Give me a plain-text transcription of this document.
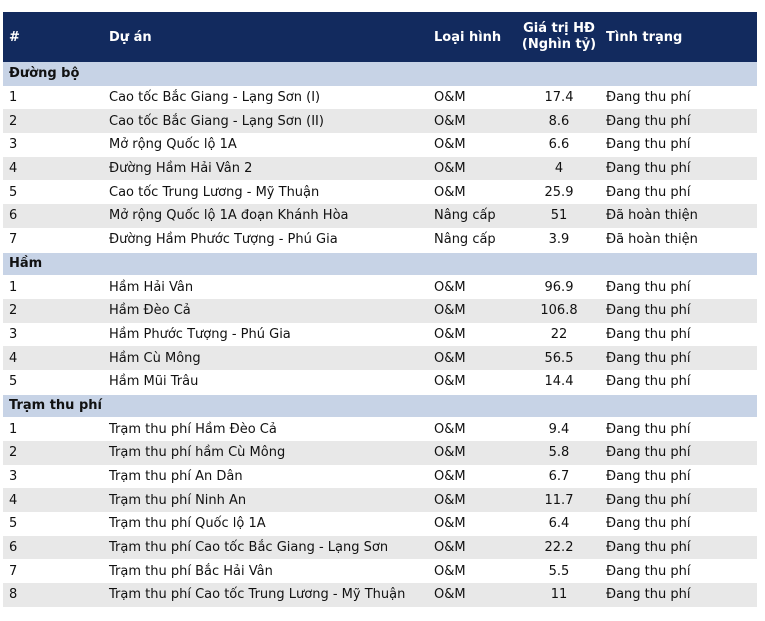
#	Dự án	Loại hình	Giá trị HĐ (Nghìn tỷ)	Tình trạng
Đường bộ				
1	Cao tốc Bắc Giang - Lạng Sơn (I)	O&M	17.4	Đang thu phí
2	Cao tốc Bắc Giang - Lạng Sơn (II)	O&M	8.6	Đang thu phí
3	Mở rộng Quốc lộ 1A	O&M	6.6	Đang thu phí
4	Đường Hầm Hải Vân 2	O&M	4	Đang thu phí
5	Cao tốc Trung Lương - Mỹ Thuận	O&M	25.9	Đang thu phí
6	Mở rộng Quốc lộ 1A đoạn Khánh Hòa	Nâng cấp	51	Đã hoàn thiện
7	Đường Hầm Phước Tượng - Phú Gia	Nâng cấp	3.9	Đã hoàn thiện
Hầm				
1	Hầm Hải Vân	O&M	96.9	Đang thu phí
2	Hầm Đèo Cả	O&M	106.8	Đang thu phí
3	Hầm Phước Tượng - Phú Gia	O&M	22	Đang thu phí
4	Hầm Cù Mông	O&M	56.5	Đang thu phí
5	Hầm Mũi Trâu	O&M	14.4	Đang thu phí
Trạm thu phí				
1	Trạm thu phí Hầm Đèo Cả	O&M	9.4	Đang thu phí
2	Trạm thu phí hầm Cù Mông	O&M	5.8	Đang thu phí
3	Trạm thu phí An Dân	O&M	6.7	Đang thu phí
4	Trạm thu phí Ninh An	O&M	11.7	Đang thu phí
5	Trạm thu phí Quốc lộ 1A	O&M	6.4	Đang thu phí
6	Trạm thu phí Cao tốc Bắc Giang - Lạng Sơn	O&M	22.2	Đang thu phí
7	Trạm thu phí Bắc Hải Vân	O&M	5.5	Đang thu phí
8	Trạm thu phí Cao tốc Trung Lương - Mỹ Thuận	O&M	11	Đang thu phí
